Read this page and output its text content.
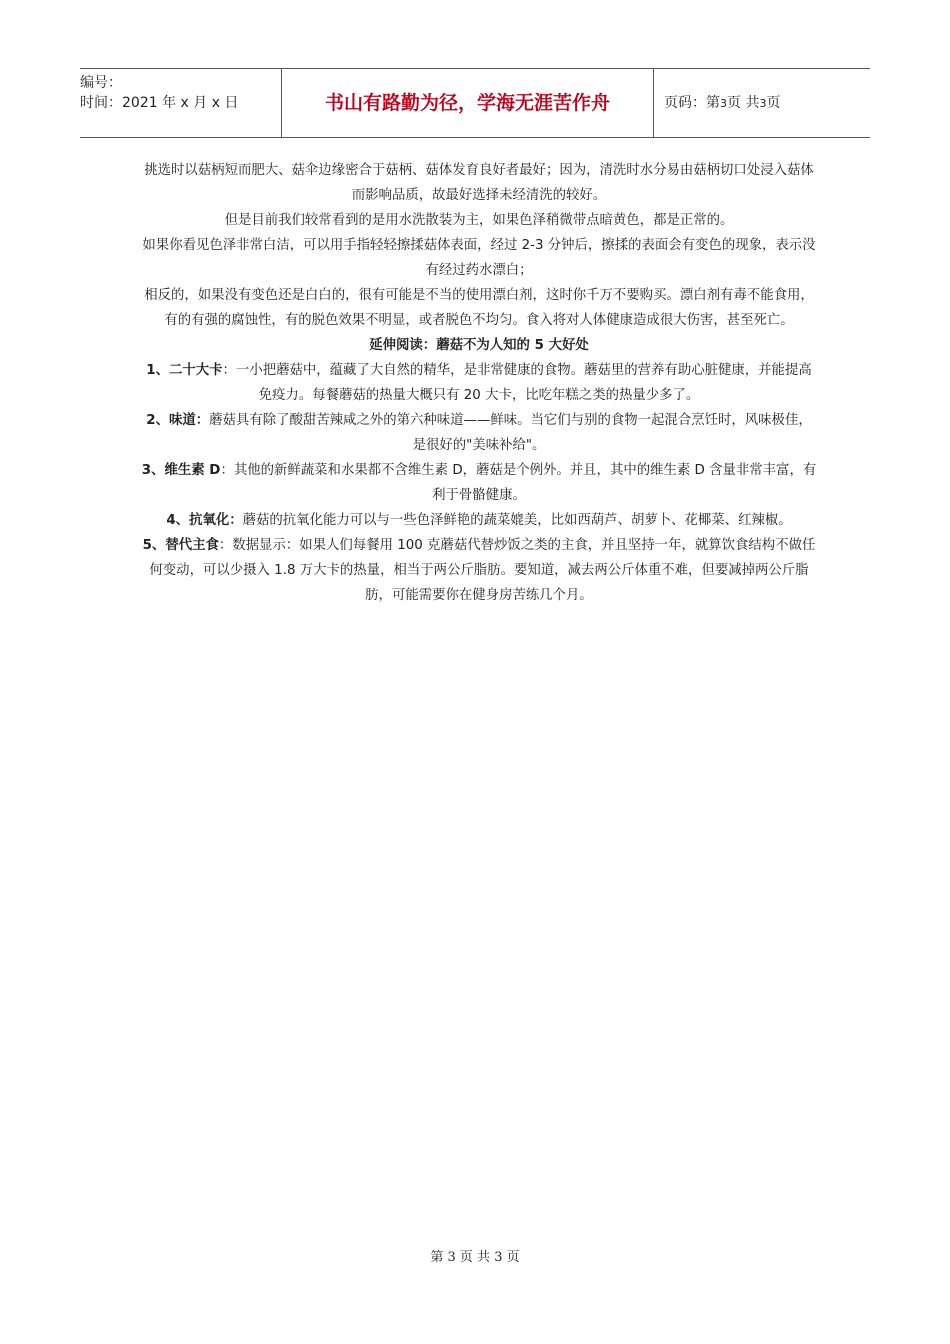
编号：
时间：2021 年 x 月 x 日	书山有路勤为径，学海无涯苦作舟	页码：第3页 共3页

挑选时以菇柄短而肥大、菇伞边缘密合于菇柄、菇体发育良好者最好；因为，清洗时水分易由菇柄切口处浸入菇体而影响品质，故最好选择未经清洗的较好。

但是目前我们较常看到的是用水洗散装为主，如果色泽稍微带点暗黄色，都是正常的。

如果你看见色泽非常白洁，可以用手指轻轻擦揉菇体表面，经过 2-3 分钟后，擦揉的表面会有变色的现象，表示没有经过药水漂白；

相反的，如果没有变色还是白白的，很有可能是不当的使用漂白剂，这时你千万不要购买。漂白剂有毒不能食用，有的有强的腐蚀性，有的脱色效果不明显，或者脱色不均匀。食入将对人体健康造成很大伤害，甚至死亡。

延伸阅读：蘑菇不为人知的 5 大好处

1、二十大卡：一小把蘑菇中，蕴藏了大自然的精华，是非常健康的食物。蘑菇里的营养有助心脏健康，并能提高免疫力。每餐蘑菇的热量大概只有 20 大卡，比吃年糕之类的热量少多了。

2、味道：蘑菇具有除了酸甜苦辣咸之外的第六种味道——鲜味。当它们与别的食物一起混合烹饪时，风味极佳，是很好的"美味补给"。

3、维生素 D：其他的新鲜蔬菜和水果都不含维生素 D，蘑菇是个例外。并且，其中的维生素 D 含量非常丰富，有利于骨骼健康。

4、抗氧化：蘑菇的抗氧化能力可以与一些色泽鲜艳的蔬菜媲美，比如西葫芦、胡萝卜、花椰菜、红辣椒。

5、替代主食：数据显示：如果人们每餐用 100 克蘑菇代替炒饭之类的主食，并且坚持一年，就算饮食结构不做任何变动，可以少摄入 1.8 万大卡的热量，相当于两公斤脂肪。要知道，减去两公斤体重不难，但要减掉两公斤脂肪，可能需要你在健身房苦练几个月。

第 3 页 共 3 页
